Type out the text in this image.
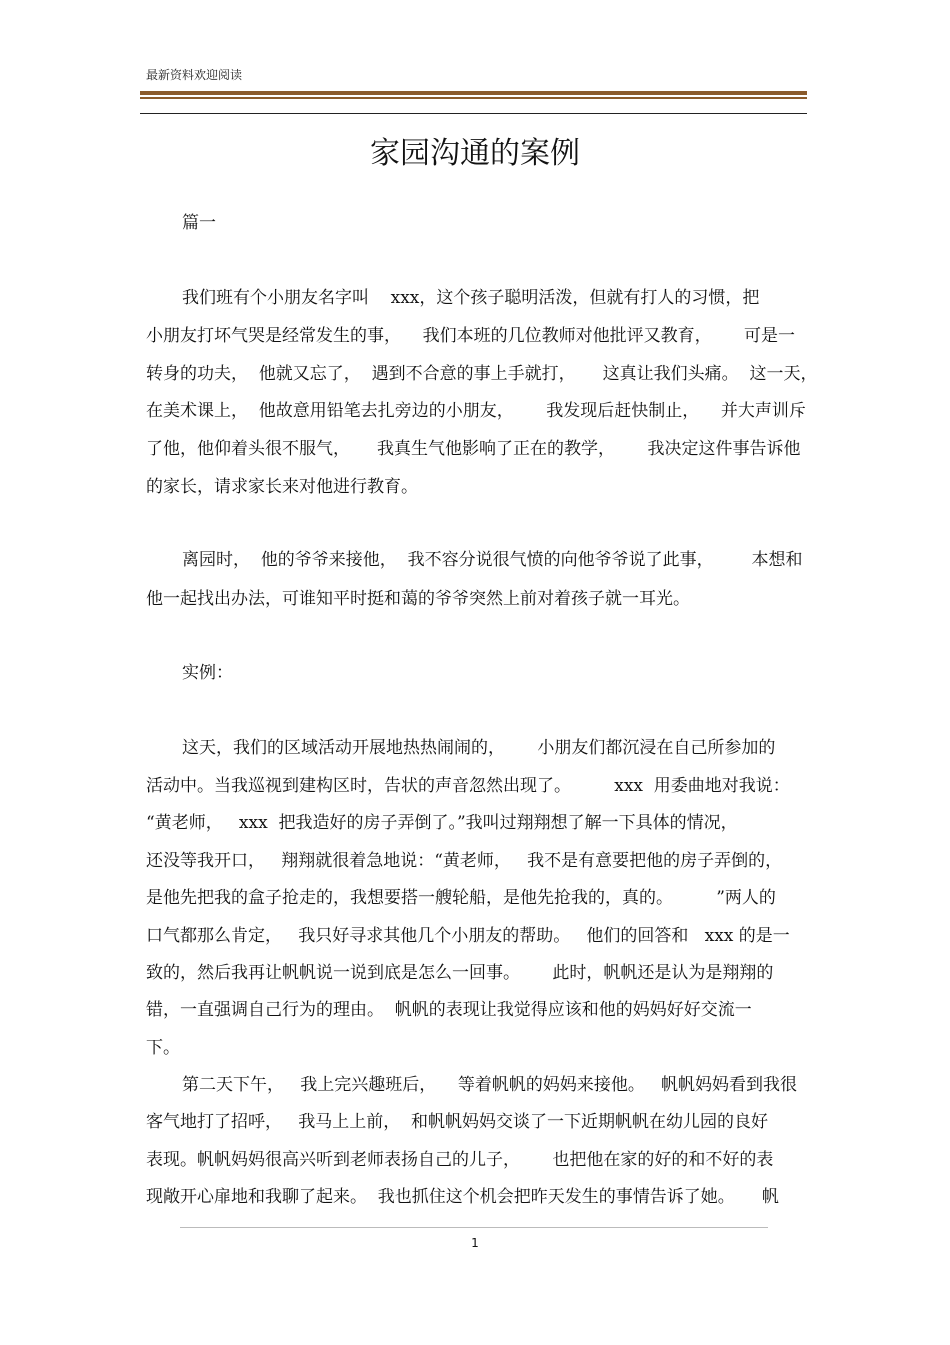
最新资料欢迎阅读
家园沟通的案例
篇一
我们班有个小朋友名字叫    xxx，这个孩子聪明活泼，但就有打人的习惯，把
小朋友打坏气哭是经常发生的事，    我们本班的几位教师对他批评又教育，      可是一
转身的功夫，  他就又忘了，  遇到不合意的事上手就打，     这真让我们头痛。  这一天，
在美术课上，  他故意用铅笔去扎旁边的小朋友，      我发现后赶快制止，    并大声训斥
了他，他仰着头很不服气，     我真生气他影响了正在的教学，      我决定这件事告诉他
的家长，请求家长来对他进行教育。
离园时，  他的爷爷来接他，  我不容分说很气愤的向他爷爷说了此事，       本想和
他一起找出办法，可谁知平时挺和蔼的爷爷突然上前对着孩子就一耳光。
实例：
这天，我们的区域活动开展地热热闹闹的，      小朋友们都沉浸在自己所参加的
活动中。当我巡视到建构区时，告状的声音忽然出现了。        xxx  用委曲地对我说：
“黄老师，   xxx  把我造好的房子弄倒了。”我叫过翔翔想了解一下具体的情况，
还没等我开口，   翔翔就很着急地说：“黄老师，   我不是有意要把他的房子弄倒的，
是他先把我的盒子抢走的，我想要搭一艘轮船，是他先抢我的，真的。        ”两人的
口气都那么肯定，   我只好寻求其他几个小朋友的帮助。   他们的回答和   xxx 的是一
致的，然后我再让帆帆说一说到底是怎么一回事。      此时，帆帆还是认为是翔翔的
错，一直强调自己行为的理由。  帆帆的表现让我觉得应该和他的妈妈好好交流一
下。
第二天下午，   我上完兴趣班后，    等着帆帆的妈妈来接他。   帆帆妈妈看到我很
客气地打了招呼，   我马上上前，  和帆帆妈妈交谈了一下近期帆帆在幼儿园的良好
表现。帆帆妈妈很高兴听到老师表扬自己的儿子，      也把他在家的好的和不好的表
现敞开心扉地和我聊了起来。  我也抓住这个机会把昨天发生的事情告诉了她。     帆
1
